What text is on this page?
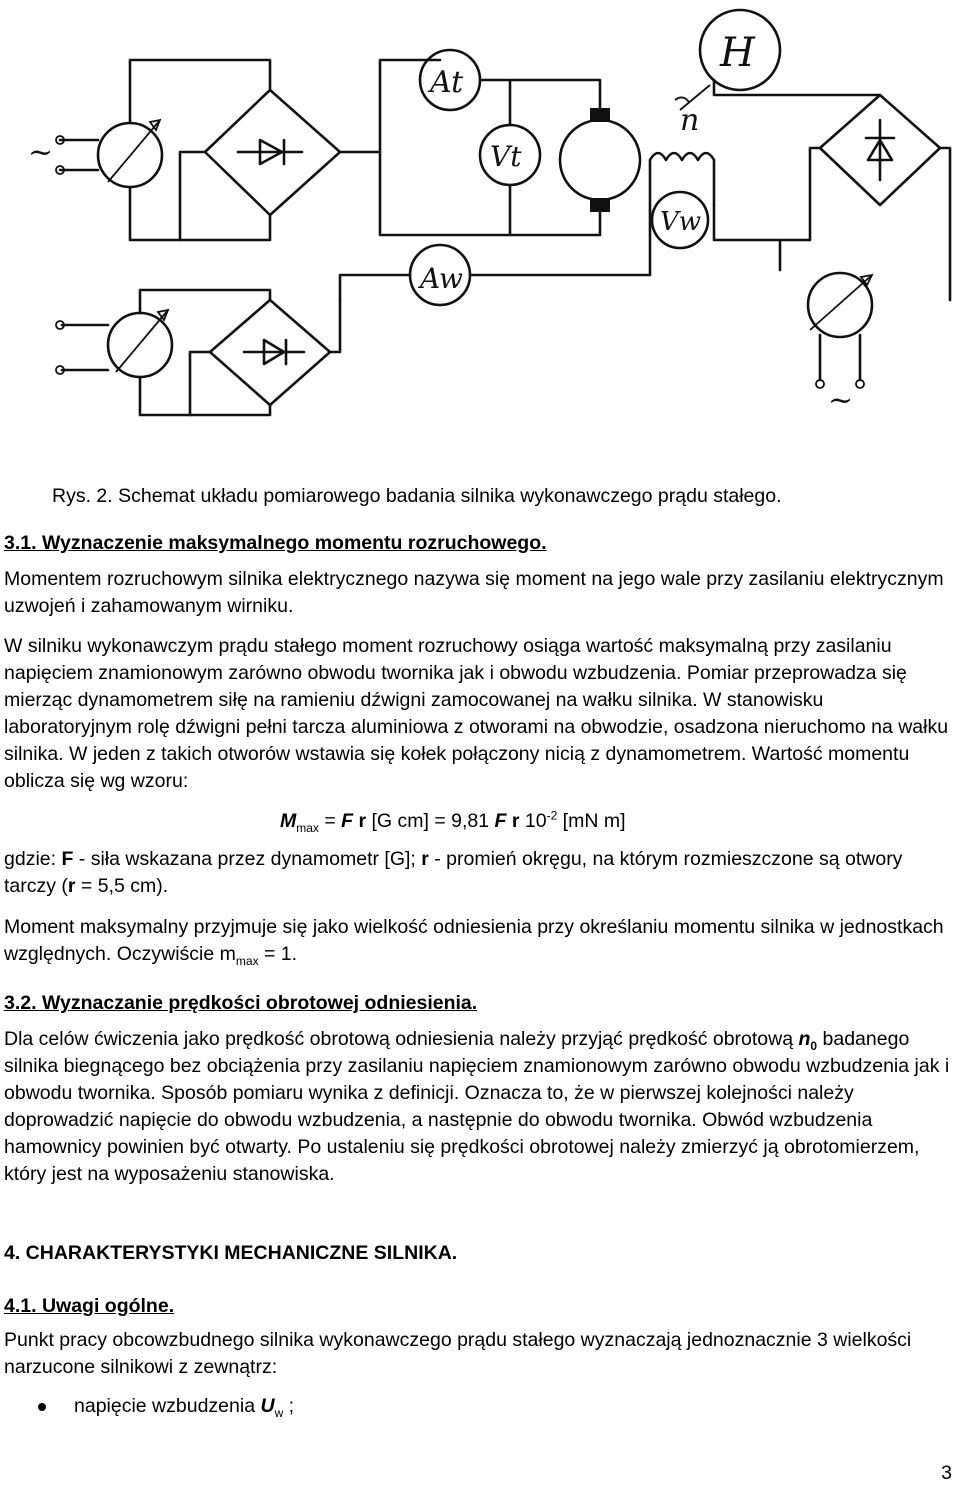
~
At
Vt
n
H
Vw
Aw
~
Rys. 2. Schemat układu pomiarowego badania silnika wykonawczego prądu stałego.
3.1. Wyznaczenie maksymalnego momentu rozruchowego.
Momentem rozruchowym silnika elektrycznego nazywa się moment na jego wale przy zasilaniu elektrycznym uzwojeń i zahamowanym wirniku.
W silniku wykonawczym prądu stałego moment rozruchowy osiąga wartość maksymalną przy zasilaniu napięciem znamionowym zarówno obwodu twornika jak i obwodu wzbudzenia. Pomiar przeprowadza się mierząc dynamometrem siłę na ramieniu dźwigni zamocowanej na wałku silnika. W stanowisku laboratoryjnym rolę dźwigni pełni tarcza aluminiowa z otworami na obwodzie, osadzona nieruchomo na wałku silnika. W jeden z takich otworów wstawia się kołek połączony nicią z dynamometrem. Wartość momentu oblicza się wg wzoru:
$M_{max} = F$ r [G cm] = 9,81 F r $10^{-2}$ [mN m]
gdzie: F - siła wskazana przez dynamometr [G]; r - promień okręgu, na którym rozmieszczone są otwory tarczy (r = 5,5 cm).
Moment maksymalny przyjmuje się jako wielkość odniesienia przy określaniu momentu silnika w jednostkach względnych. Oczywiście $m_{max} = 1$.
3.2. Wyznaczanie prędkości obrotowej odniesienia.
Dla celów ćwiczenia jako prędkość obrotową odniesienia należy przyjąć prędkość obrotową $n_0$ badanego silnika biegnącego bez obciążenia przy zasilaniu napięciem znamionowym zarówno obwodu wzbudzenia jak i obwodu twornika. Sposób pomiaru wynika z definicji. Oznacza to, że w pierwszej kolejności należy doprowadzić napięcie do obwodu wzbudzenia, a następnie do obwodu twornika. Obwód wzbudzenia hamownicy powinien być otwarty. Po ustaleniu się prędkości obrotowej należy zmierzyć ją obrotomierzem, który jest na wyposażeniu stanowiska.
4. CHARAKTERYSTYKI MECHANICZNE SILNIKA.
4.1. Uwagi ogólne.
Punkt pracy obcowzbudnego silnika wykonawczego prądu stałego wyznaczają jednoznacznie 3 wielkości narzucone silnikowi z zewnątrz:
napięcie wzbudzenia $U_w$ ;
3
